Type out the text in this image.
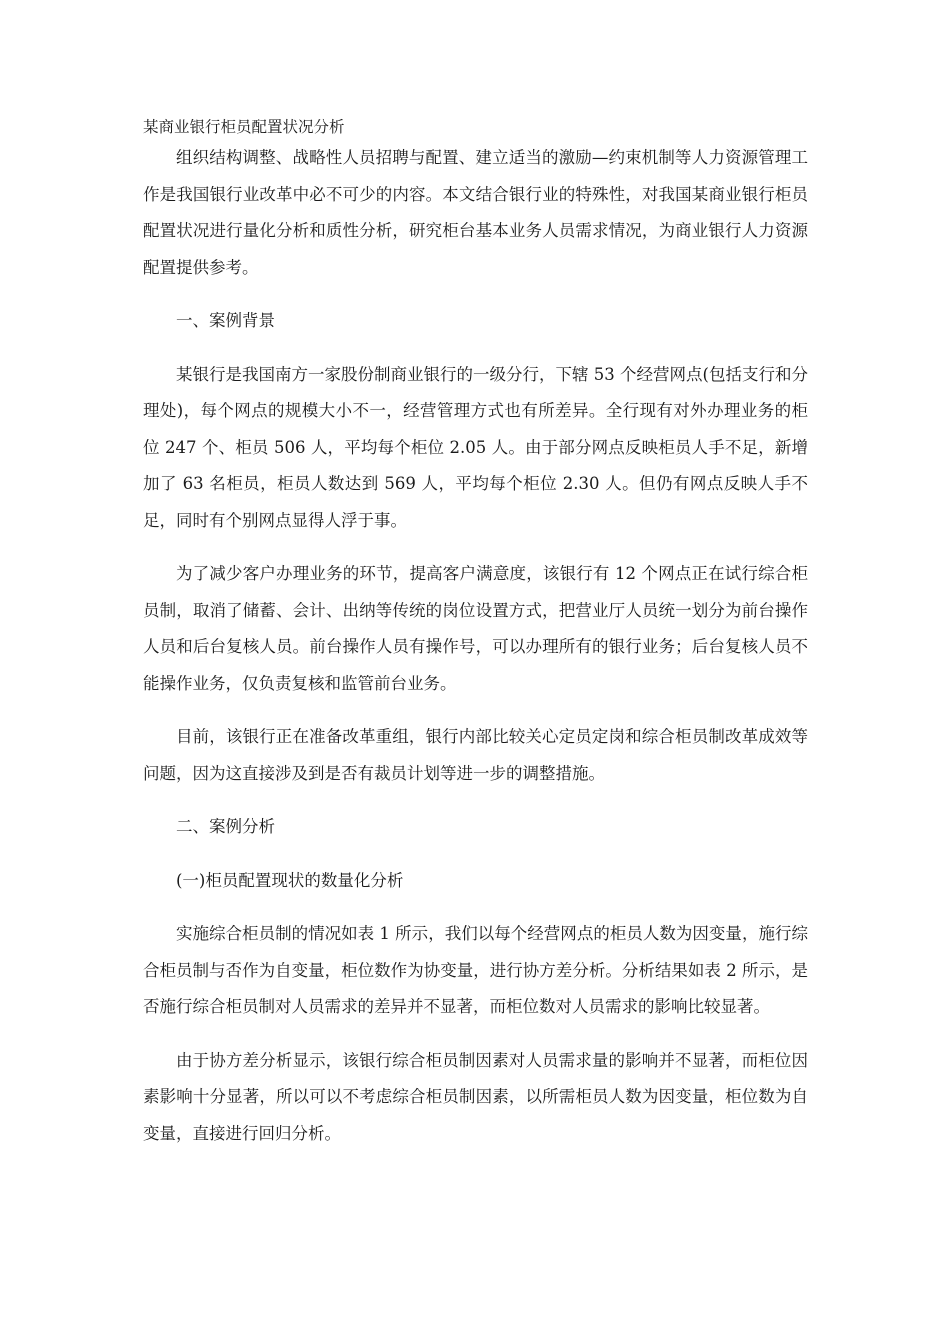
某商业银行柜员配置状况分析

组织结构调整、战略性人员招聘与配置、建立适当的激励—约束机制等人力资源管理工作是我国银行业改革中必不可少的内容。本文结合银行业的特殊性，对我国某商业银行柜员配置状况进行量化分析和质性分析，研究柜台基本业务人员需求情况，为商业银行人力资源配置提供参考。

一、案例背景

某银行是我国南方一家股份制商业银行的一级分行，下辖 53 个经营网点(包括支行和分理处)，每个网点的规模大小不一，经营管理方式也有所差异。全行现有对外办理业务的柜位 247 个、柜员 506 人，平均每个柜位 2.05 人。由于部分网点反映柜员人手不足，新增加了 63 名柜员，柜员人数达到 569 人，平均每个柜位 2.30 人。但仍有网点反映人手不足，同时有个别网点显得人浮于事。

为了减少客户办理业务的环节，提高客户满意度，该银行有 12 个网点正在试行综合柜员制，取消了储蓄、会计、出纳等传统的岗位设置方式，把营业厅人员统一划分为前台操作人员和后台复核人员。前台操作人员有操作号，可以办理所有的银行业务；后台复核人员不能操作业务，仅负责复核和监管前台业务。

目前，该银行正在准备改革重组，银行内部比较关心定员定岗和综合柜员制改革成效等问题，因为这直接涉及到是否有裁员计划等进一步的调整措施。

二、案例分析

(一)柜员配置现状的数量化分析

实施综合柜员制的情况如表 1 所示，我们以每个经营网点的柜员人数为因变量，施行综合柜员制与否作为自变量，柜位数作为协变量，进行协方差分析。分析结果如表 2 所示，是否施行综合柜员制对人员需求的差异并不显著，而柜位数对人员需求的影响比较显著。

由于协方差分析显示，该银行综合柜员制因素对人员需求量的影响并不显著，而柜位因素影响十分显著，所以可以不考虑综合柜员制因素，以所需柜员人数为因变量，柜位数为自变量，直接进行回归分析。
